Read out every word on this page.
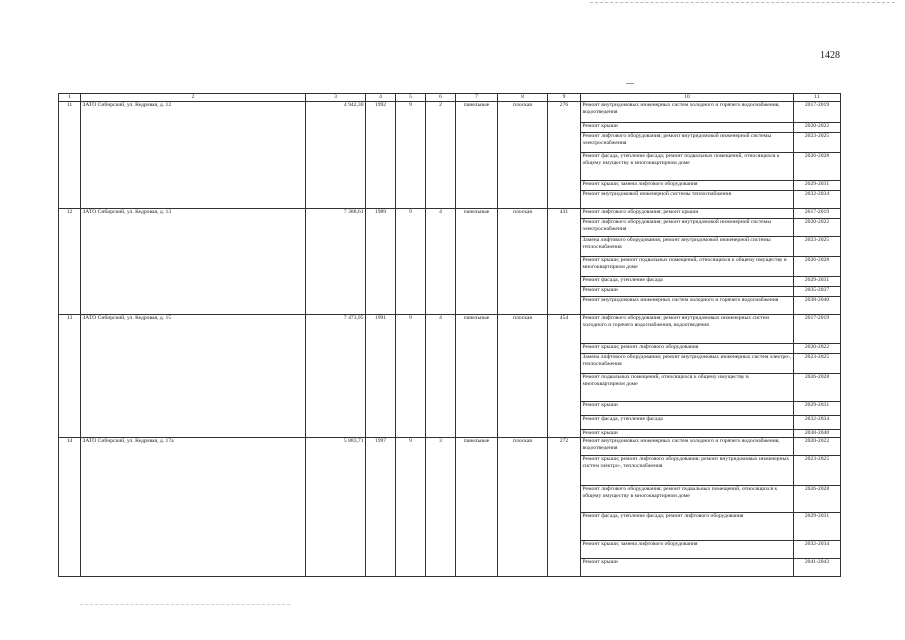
1428
1	2	3	4	5	6	7	8	9	10	11
11	ЗАТО Сибирский, ул. Кедровая, д. 12	4 942,30	1992	9	2	панельные	плоская	276	Ремонт внутридомовых инженерных систем холодного и горячего водоснабжения, водоотведения	2017-2019
									Ремонт крыши	2020-2022
									Ремонт лифтового оборудования; ремонт внутридомовой инженерной системы электроснабжения	2023-2025
									Ремонт фасада, утепление фасада; ремонт подвальных помещений, относящихся к общему имуществу в многоквартирном доме	2026-2028
									Ремонт крыши; замена лифтового оборудования	2029-2031
									Ремонт внутридомовой инженерной системы теплоснабжения	2032-2034
12	ЗАТО Сибирский, ул. Кедровая, д. 13	7 388,61	1989	9	4	панельные	плоская	431	Ремонт лифтового оборудования; ремонт крыши	2017-2019
									Ремонт лифтового оборудования; ремонт внутридомовой инженерной системы электроснабжения	2020-2022
									Замена лифтового оборудования; ремонт внутридомовой инженерной системы теплоснабжения	2023-2025
									Ремонт крыши; ремонт подвальных помещений, относящихся к общему имуществу в многоквартирном доме	2026-2028
									Ремонт фасада, утепление фасада	2029-2031
									Ремонт крыши	2035-2037
									Ремонт внутридомовых инженерных систем холодного и горячего водоснабжения	2038-2040
13	ЗАТО Сибирский, ул. Кедровая, д. 15	7 473,95	1991	9	4	панельные	плоская	454	Ремонт лифтового оборудования; ремонт внутридомовых инженерных систем холодного и горячего водоснабжения, водоотведения	2017-2019
									Ремонт крыши; ремонт лифтового оборудования	2020-2022
									Замена лифтового оборудования; ремонт внутридомовых инженерных систем электро-, теплоснабжения	2023-2025
									Ремонт подвальных помещений, относящихся к общему имуществу в многоквартирном доме	2026-2028
									Ремонт крыши	2029-2031
									Ремонт фасада, утепление фасада	2032-2034
									Ремонт крыши	2038-2040
14	ЗАТО Сибирский, ул. Кедровая, д. 17а	5 883,71	1997	9	3	панельные	плоская	272	Ремонт внутридомовых инженерных систем холодного и горячего водоснабжения, водоотведения	2020-2022
									Ремонт крыши; ремонт лифтового оборудования; ремонт внутридомовых инженерных систем электро-, теплоснабжения	2023-2025
									Ремонт лифтового оборудования; ремонт подвальных помещений, относящихся к общему имуществу в многоквартирном доме	2026-2028
									Ремонт фасада, утепление фасада; ремонт лифтового оборудования	2029-2031
									Ремонт крыши; замена лифтового оборудования	2032-2034
									Ремонт крыши	2041-2043
